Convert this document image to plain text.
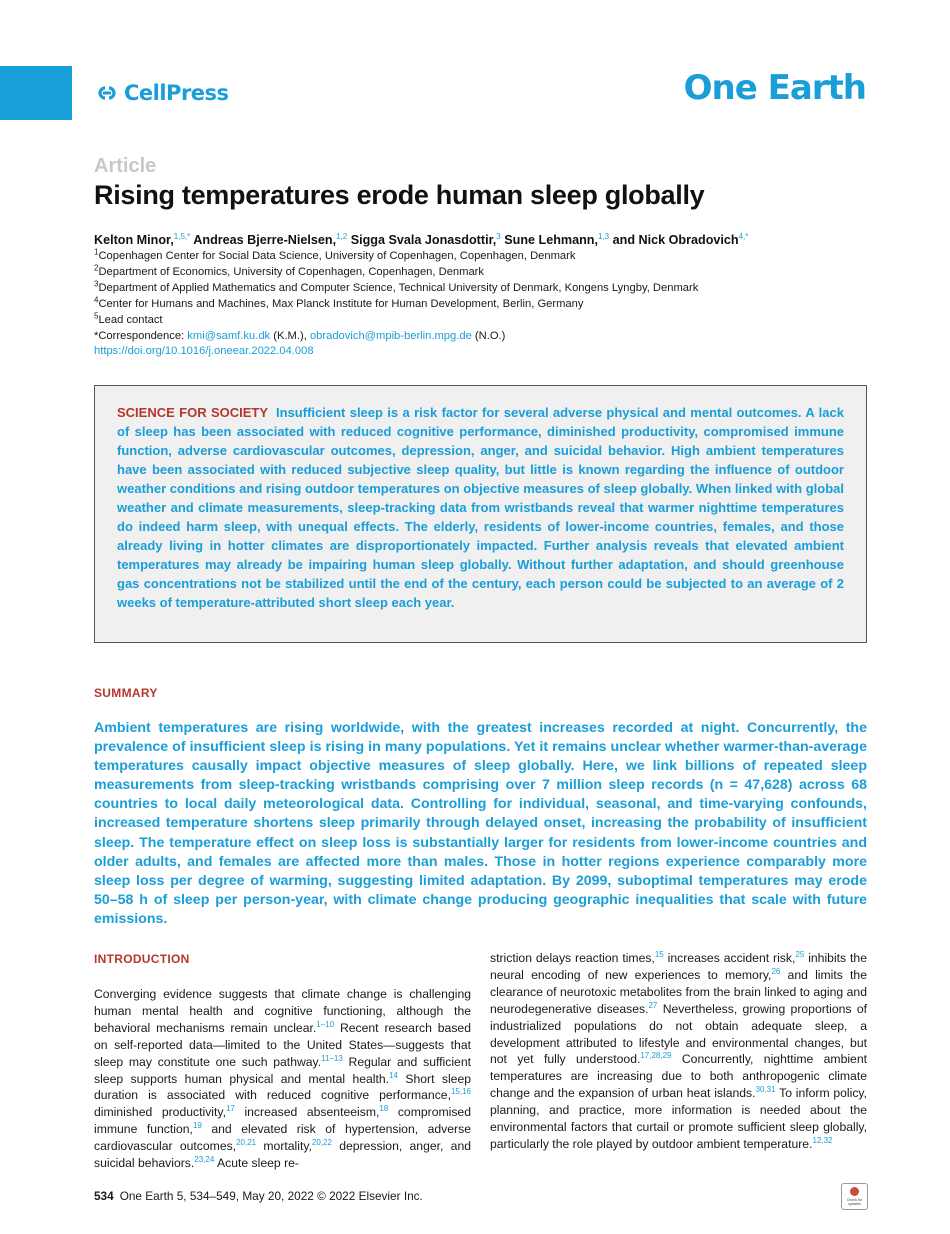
CellPress	One Earth
Article
Rising temperatures erode human sleep globally
Kelton Minor,$^{1,5,*}$ Andreas Bjerre-Nielsen,$^{1,2}$ Sigga Svala Jonasdottir,$^3$ Sune Lehmann,$^{1,3}$ and Nick Obradovich$^{4,*}$
$^1$Copenhagen Center for Social Data Science, University of Copenhagen, Copenhagen, Denmark
$^2$Department of Economics, University of Copenhagen, Copenhagen, Denmark
$^3$Department of Applied Mathematics and Computer Science, Technical University of Denmark, Kongens Lyngby, Denmark
$^4$Center for Humans and Machines, Max Planck Institute for Human Development, Berlin, Germany
$^5$Lead contact
*Correspondence: kmi@samf.ku.dk (K.M.), obradovich@mpib-berlin.mpg.de (N.O.)
https://doi.org/10.1016/j.oneear.2022.04.008

SCIENCE FOR SOCIETY Insufficient sleep is a risk factor for several adverse physical and mental outcomes. A lack of sleep has been associated with reduced cognitive performance, diminished productivity, compromised immune function, adverse cardiovascular outcomes, depression, anger, and suicidal behavior. High ambient temperatures have been associated with reduced subjective sleep quality, but little is known regarding the influence of outdoor weather conditions and rising outdoor temperatures on objective measures of sleep globally. When linked with global weather and climate measurements, sleep-tracking data from wristbands reveal that warmer nighttime temperatures do indeed harm sleep, with unequal effects. The elderly, residents of lower-income countries, females, and those already living in hotter climates are disproportionately impacted. Further analysis reveals that elevated ambient temperatures may already be impairing human sleep globally. Without further adaptation, and should greenhouse gas concentrations not be stabilized until the end of the century, each person could be subjected to an average of 2 weeks of temperature-attributed short sleep each year.

SUMMARY

Ambient temperatures are rising worldwide, with the greatest increases recorded at night. Concurrently, the prevalence of insufficient sleep is rising in many populations. Yet it remains unclear whether warmer-than-average temperatures causally impact objective measures of sleep globally. Here, we link billions of repeated sleep measurements from sleep-tracking wristbands comprising over 7 million sleep records (n = 47,628) across 68 countries to local daily meteorological data. Controlling for individual, seasonal, and time-varying confounds, increased temperature shortens sleep primarily through delayed onset, increasing the probability of insufficient sleep. The temperature effect on sleep loss is substantially larger for residents from lower-income countries and older adults, and females are affected more than males. Those in hotter regions experience comparably more sleep loss per degree of warming, suggesting limited adaptation. By 2099, suboptimal temperatures may erode 50–58 h of sleep per person-year, with climate change producing geographic inequalities that scale with future emissions.

INTRODUCTION

Converging evidence suggests that climate change is challenging human mental health and cognitive functioning, although the behavioral mechanisms remain unclear.$^{1-10}$ Recent research based on self-reported data—limited to the United States—suggests that sleep may constitute one such pathway.$^{11-13}$ Regular and sufficient sleep supports human physical and mental health.$^{14}$ Short sleep duration is associated with reduced cognitive performance,$^{15,16}$ diminished productivity,$^{17}$ increased absenteeism,$^{18}$ compromised immune function,$^{19}$ and elevated risk of hypertension, adverse cardiovascular outcomes,$^{20,21}$ mortality,$^{20,22}$ depression, anger, and suicidal behaviors.$^{23,24}$ Acute sleep re-

striction delays reaction times,$^{15}$ increases accident risk,$^{25}$ inhibits the neural encoding of new experiences to memory,$^{26}$ and limits the clearance of neurotoxic metabolites from the brain linked to aging and neurodegenerative diseases.$^{27}$ Nevertheless, growing proportions of industrialized populations do not obtain adequate sleep, a development attributed to lifestyle and environmental changes, but not yet fully understood.$^{17,28,29}$ Concurrently, nighttime ambient temperatures are increasing due to both anthropogenic climate change and the expansion of urban heat islands.$^{30,31}$ To inform policy, planning, and practice, more information is needed about the environmental factors that curtail or promote sufficient sleep globally, particularly the role played by outdoor ambient temperature.$^{12,32}$

534 One Earth 5, 534–549, May 20, 2022 © 2022 Elsevier Inc.	Check for updates
